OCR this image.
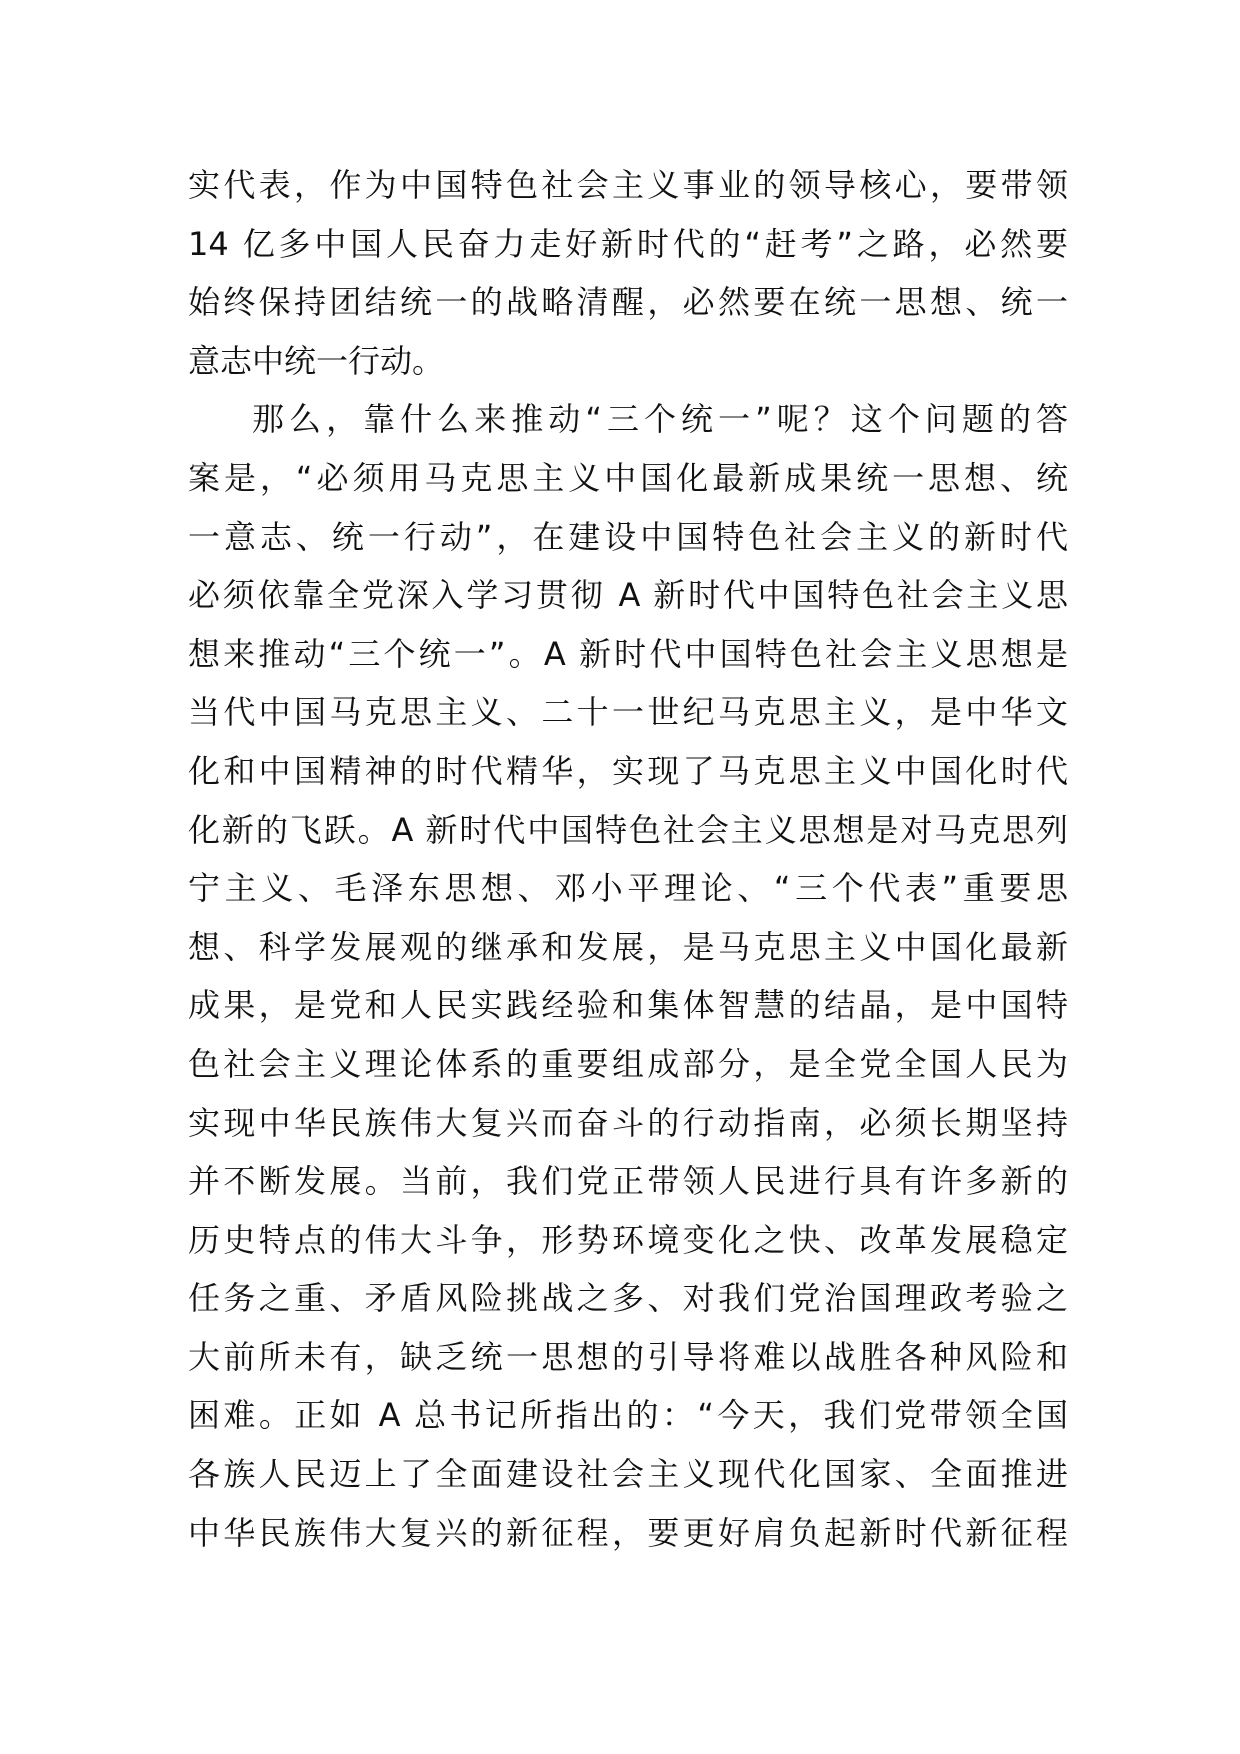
实代表，作为中国特色社会主义事业的领导核心，要带领
14 亿多中国人民奋力走好新时代的“赶考”之路，必然要
始终保持团结统一的战略清醒，必然要在统一思想、统一
意志中统一行动。
那么，靠什么来推动“三个统一”呢？这个问题的答
案是，“必须用马克思主义中国化最新成果统一思想、统
一意志、统一行动”，在建设中国特色社会主义的新时代
必须依靠全党深入学习贯彻 A 新时代中国特色社会主义思
想来推动“三个统一”。A 新时代中国特色社会主义思想是
当代中国马克思主义、二十一世纪马克思主义，是中华文
化和中国精神的时代精华，实现了马克思主义中国化时代
化新的飞跃。A 新时代中国特色社会主义思想是对马克思列
宁主义、毛泽东思想、邓小平理论、“三个代表”重要思
想、科学发展观的继承和发展，是马克思主义中国化最新
成果，是党和人民实践经验和集体智慧的结晶，是中国特
色社会主义理论体系的重要组成部分，是全党全国人民为
实现中华民族伟大复兴而奋斗的行动指南，必须长期坚持
并不断发展。当前，我们党正带领人民进行具有许多新的
历史特点的伟大斗争，形势环境变化之快、改革发展稳定
任务之重、矛盾风险挑战之多、对我们党治国理政考验之
大前所未有，缺乏统一思想的引导将难以战胜各种风险和
困难。正如 A 总书记所指出的：“今天，我们党带领全国
各族人民迈上了全面建设社会主义现代化国家、全面推进
中华民族伟大复兴的新征程，要更好肩负起新时代新征程
